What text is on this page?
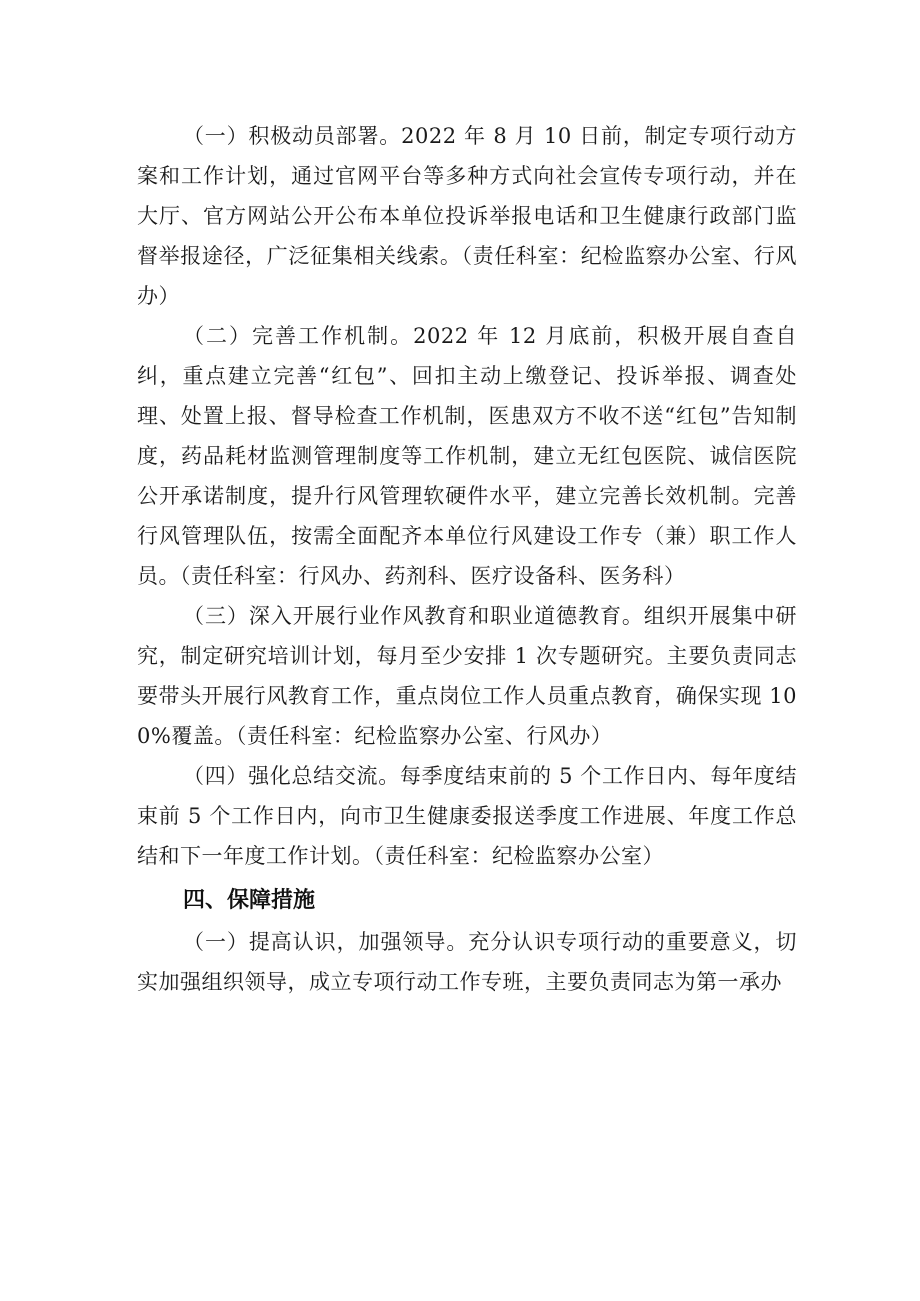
（一）积极动员部署。2022 年 8 月 10 日前，制定专项行动方案和工作计划，通过官网平台等多种方式向社会宣传专项行动，并在大厅、官方网站公开公布本单位投诉举报电话和卫生健康行政部门监督举报途径，广泛征集相关线索。（责任科室：纪检监察办公室、行风办）

（二）完善工作机制。2022 年 12 月底前，积极开展自查自纠，重点建立完善“红包”、回扣主动上缴登记、投诉举报、调查处理、处置上报、督导检查工作机制，医患双方不收不送“红包”告知制度，药品耗材监测管理制度等工作机制，建立无红包医院、诚信医院公开承诺制度，提升行风管理软硬件水平，建立完善长效机制。完善行风管理队伍，按需全面配齐本单位行风建设工作专（兼）职工作人员。（责任科室：行风办、药剂科、医疗设备科、医务科）

（三）深入开展行业作风教育和职业道德教育。组织开展集中研究，制定研究培训计划，每月至少安排 1 次专题研究。主要负责同志要带头开展行风教育工作，重点岗位工作人员重点教育，确保实现 100%覆盖。（责任科室：纪检监察办公室、行风办）

（四）强化总结交流。每季度结束前的 5 个工作日内、每年度结束前 5 个工作日内，向市卫生健康委报送季度工作进展、年度工作总结和下一年度工作计划。（责任科室：纪检监察办公室）

四、保障措施

（一）提高认识，加强领导。充分认识专项行动的重要意义，切实加强组织领导，成立专项行动工作专班，主要负责同志为第一承办
